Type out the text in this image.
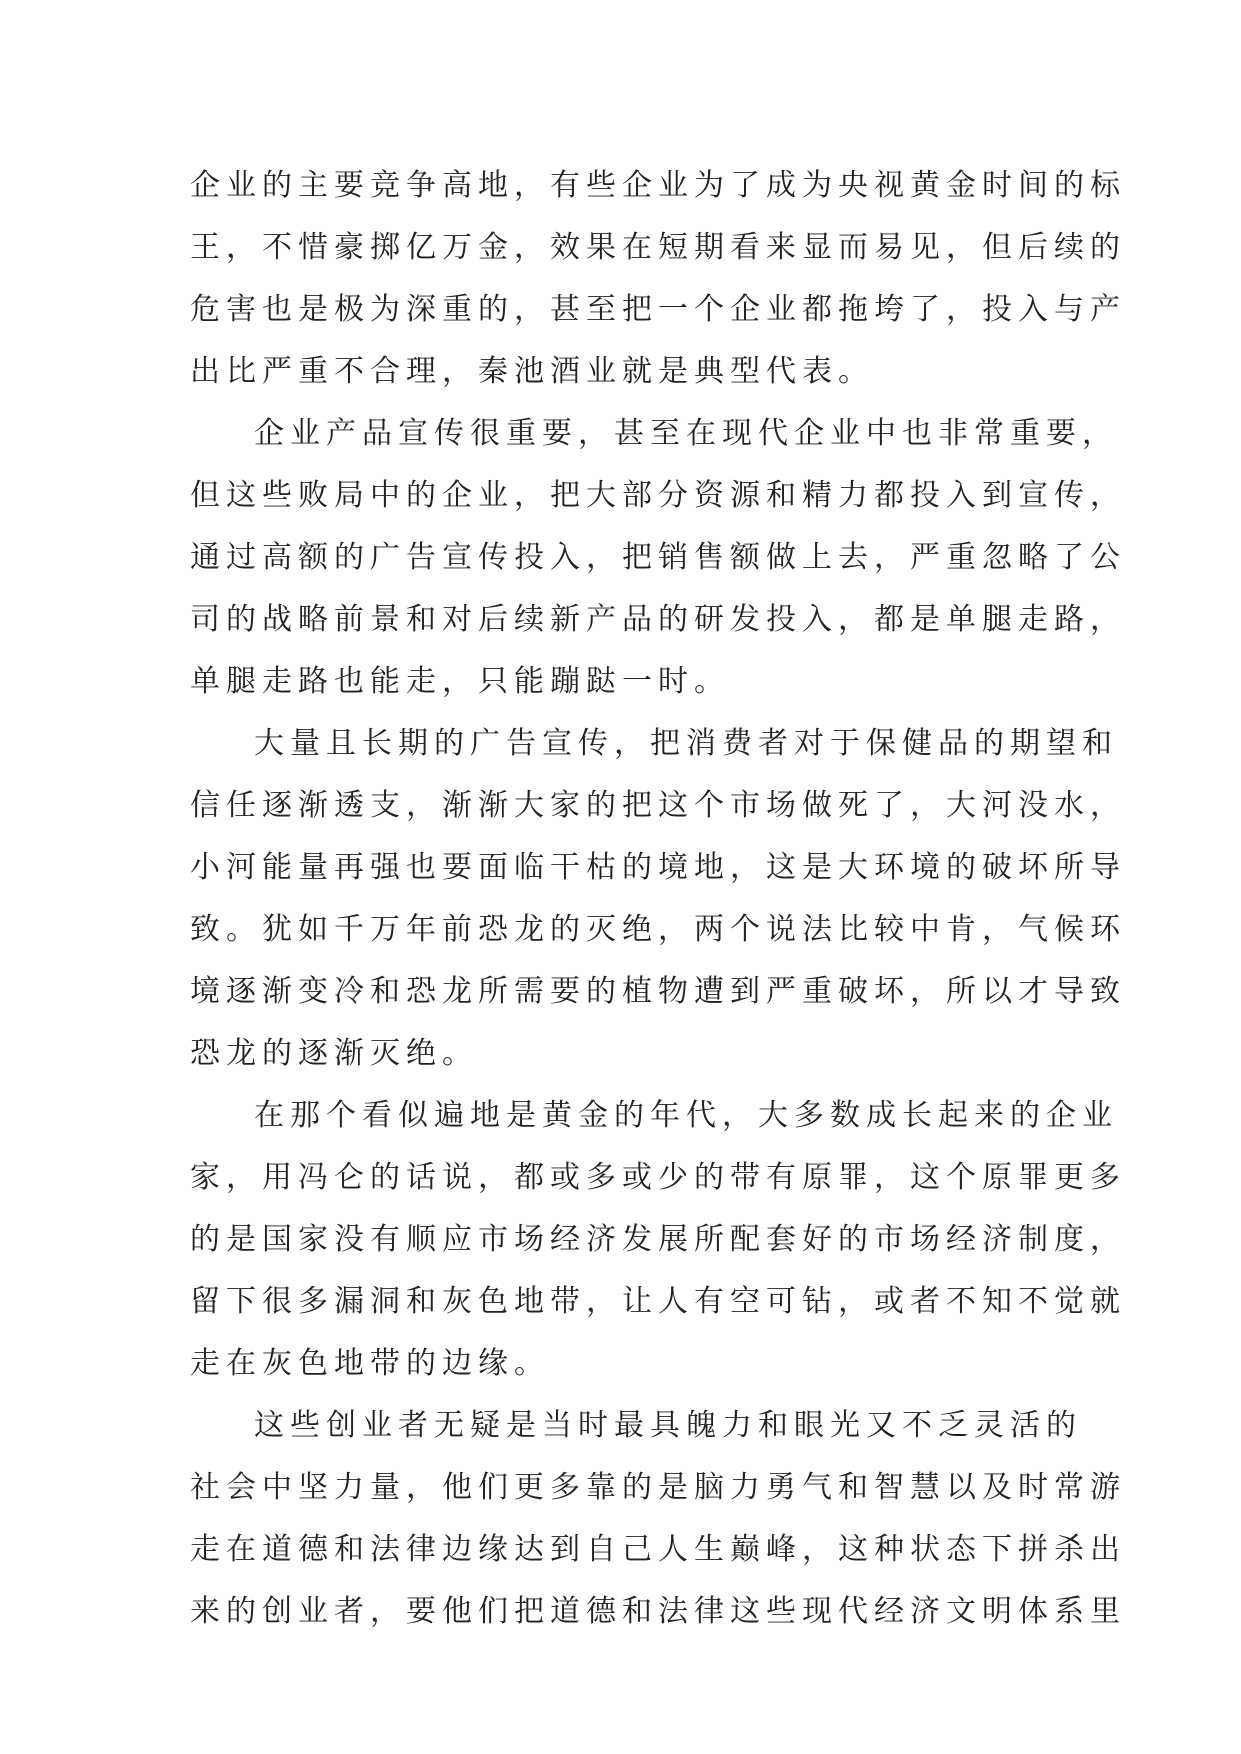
企业的主要竞争高地，有些企业为了成为央视黄金时间的标
王，不惜豪掷亿万金，效果在短期看来显而易见，但后续的
危害也是极为深重的，甚至把一个企业都拖垮了，投入与产
出比严重不合理，秦池酒业就是典型代表。
企业产品宣传很重要，甚至在现代企业中也非常重要，
但这些败局中的企业，把大部分资源和精力都投入到宣传，
通过高额的广告宣传投入，把销售额做上去，严重忽略了公
司的战略前景和对后续新产品的研发投入，都是单腿走路，
单腿走路也能走，只能蹦跶一时。
大量且长期的广告宣传，把消费者对于保健品的期望和
信任逐渐透支，渐渐大家的把这个市场做死了，大河没水，
小河能量再强也要面临干枯的境地，这是大环境的破坏所导
致。犹如千万年前恐龙的灭绝，两个说法比较中肯，气候环
境逐渐变冷和恐龙所需要的植物遭到严重破坏，所以才导致
恐龙的逐渐灭绝。
在那个看似遍地是黄金的年代，大多数成长起来的企业
家，用冯仑的话说，都或多或少的带有原罪，这个原罪更多
的是国家没有顺应市场经济发展所配套好的市场经济制度，
留下很多漏洞和灰色地带，让人有空可钻，或者不知不觉就
走在灰色地带的边缘。
这些创业者无疑是当时最具魄力和眼光又不乏灵活的
社会中坚力量，他们更多靠的是脑力勇气和智慧以及时常游
走在道德和法律边缘达到自己人生巅峰，这种状态下拼杀出
来的创业者，要他们把道德和法律这些现代经济文明体系里
